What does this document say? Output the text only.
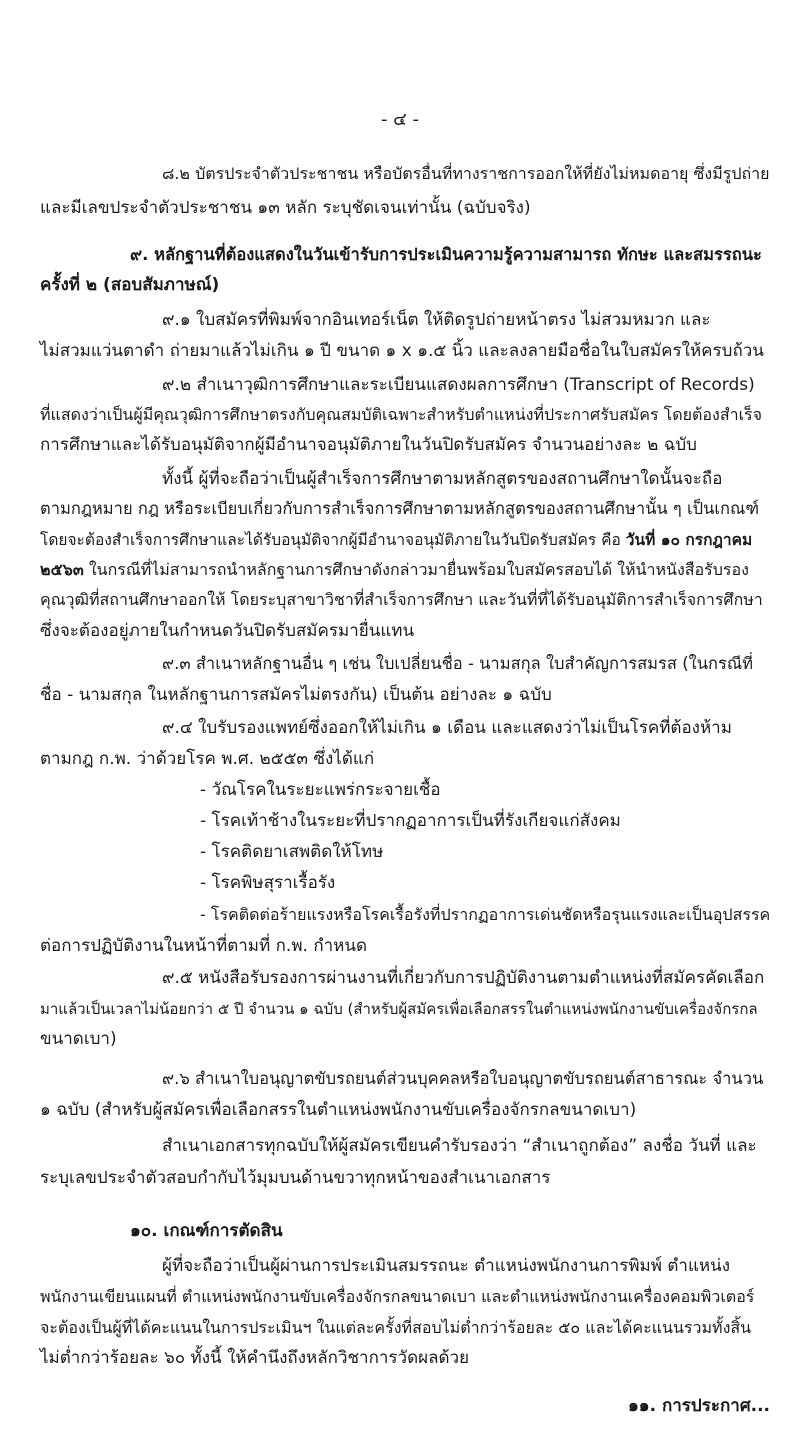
- ๔ -
๘.๒ บัตรประจำตัวประชาชน หรือบัตรอื่นที่ทางราชการออกให้ที่ยังไม่หมดอายุ ซึ่งมีรูปถ่าย
และมีเลขประจำตัวประชาชน ๑๓ หลัก ระบุชัดเจนเท่านั้น (ฉบับจริง)
๙. หลักฐานที่ต้องแสดงในวันเข้ารับการประเมินความรู้ความสามารถ ทักษะ และสมรรถนะ
ครั้งที่ ๒ (สอบสัมภาษณ์)
๙.๑ ใบสมัครที่พิมพ์จากอินเทอร์เน็ต ให้ติดรูปถ่ายหน้าตรง ไม่สวมหมวก และ
ไม่สวมแว่นตาดำ ถ่ายมาแล้วไม่เกิน ๑ ปี ขนาด ๑ x ๑.๕ นิ้ว และลงลายมือชื่อในใบสมัครให้ครบถ้วน
๙.๒ สำเนาวุฒิการศึกษาและระเบียนแสดงผลการศึกษา (Transcript of Records)
ที่แสดงว่าเป็นผู้มีคุณวุฒิการศึกษาตรงกับคุณสมบัติเฉพาะสำหรับตำแหน่งที่ประกาศรับสมัคร โดยต้องสำเร็จ
การศึกษาและได้รับอนุมัติจากผู้มีอำนาจอนุมัติภายในวันปิดรับสมัคร จำนวนอย่างละ ๒ ฉบับ
ทั้งนี้ ผู้ที่จะถือว่าเป็นผู้สำเร็จการศึกษาตามหลักสูตรของสถานศึกษาใดนั้นจะถือ
ตามกฎหมาย กฎ หรือระเบียบเกี่ยวกับการสำเร็จการศึกษาตามหลักสูตรของสถานศึกษานั้น ๆ เป็นเกณฑ์
โดยจะต้องสำเร็จการศึกษาและได้รับอนุมัติจากผู้มีอำนาจอนุมัติภายในวันปิดรับสมัคร คือ วันที่ ๑๐ กรกฎาคม
๒๕๖๓ ในกรณีที่ไม่สามารถนำหลักฐานการศึกษาดังกล่าวมายื่นพร้อมใบสมัครสอบได้ ให้นำหนังสือรับรอง
คุณวุฒิที่สถานศึกษาออกให้ โดยระบุสาขาวิชาที่สำเร็จการศึกษา และวันที่ที่ได้รับอนุมัติการสำเร็จการศึกษา
ซึ่งจะต้องอยู่ภายในกำหนดวันปิดรับสมัครมายื่นแทน
๙.๓ สำเนาหลักฐานอื่น ๆ เช่น ใบเปลี่ยนชื่อ - นามสกุล ใบสำคัญการสมรส (ในกรณีที่
ชื่อ - นามสกุล ในหลักฐานการสมัครไม่ตรงกัน) เป็นต้น อย่างละ ๑ ฉบับ
๙.๔ ใบรับรองแพทย์ซึ่งออกให้ไม่เกิน ๑ เดือน และแสดงว่าไม่เป็นโรคที่ต้องห้าม
ตามกฎ ก.พ. ว่าด้วยโรค พ.ศ. ๒๕๕๓ ซึ่งได้แก่
- วัณโรคในระยะแพร่กระจายเชื้อ
- โรคเท้าช้างในระยะที่ปรากฏอาการเป็นที่รังเกียจแก่สังคม
- โรคติดยาเสพติดให้โทษ
- โรคพิษสุราเรื้อรัง
- โรคติดต่อร้ายแรงหรือโรคเรื้อรังที่ปรากฏอาการเด่นชัดหรือรุนแรงและเป็นอุปสรรค
ต่อการปฏิบัติงานในหน้าที่ตามที่ ก.พ. กำหนด
๙.๕ หนังสือรับรองการผ่านงานที่เกี่ยวกับการปฏิบัติงานตามตำแหน่งที่สมัครคัดเลือก
มาแล้วเป็นเวลาไม่น้อยกว่า ๕ ปี จำนวน ๑ ฉบับ (สำหรับผู้สมัครเพื่อเลือกสรรในตำแหน่งพนักงานขับเครื่องจักรกล
ขนาดเบา)
๙.๖ สำเนาใบอนุญาตขับรถยนต์ส่วนบุคคลหรือใบอนุญาตขับรถยนต์สาธารณะ จำนวน
๑ ฉบับ (สำหรับผู้สมัครเพื่อเลือกสรรในตำแหน่งพนักงานขับเครื่องจักรกลขนาดเบา)
สำเนาเอกสารทุกฉบับให้ผู้สมัครเขียนคำรับรองว่า “สำเนาถูกต้อง” ลงชื่อ วันที่ และ
ระบุเลขประจำตัวสอบกำกับไว้มุมบนด้านขวาทุกหน้าของสำเนาเอกสาร
๑๐. เกณฑ์การตัดสิน
ผู้ที่จะถือว่าเป็นผู้ผ่านการประเมินสมรรถนะ ตำแหน่งพนักงานการพิมพ์ ตำแหน่ง
พนักงานเขียนแผนที่ ตำแหน่งพนักงานขับเครื่องจักรกลขนาดเบา และตำแหน่งพนักงานเครื่องคอมพิวเตอร์
จะต้องเป็นผู้ที่ได้คะแนนในการประเมินฯ ในแต่ละครั้งที่สอบไม่ต่ำกว่าร้อยละ ๕๐ และได้คะแนนรวมทั้งสิ้น
ไม่ต่ำกว่าร้อยละ ๖๐ ทั้งนี้ ให้คำนึงถึงหลักวิชาการวัดผลด้วย
๑๑. การประกาศ...
